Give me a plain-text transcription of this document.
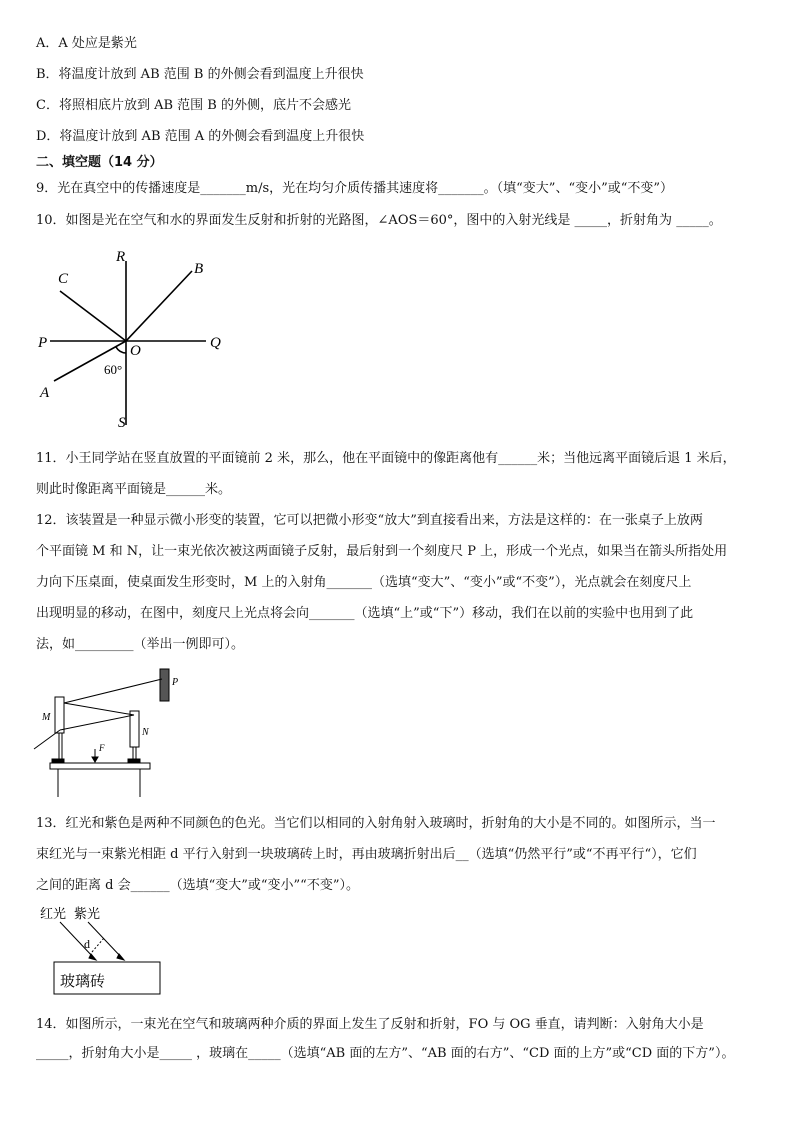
A．A 处应是紫光
B．将温度计放到 AB 范围 B 的外侧会看到温度上升很快
C．将照相底片放到 AB 范围 B 的外侧，底片不会感光
D．将温度计放到 AB 范围 A 的外侧会看到温度上升很快
二、填空题（14 分）
9．光在真空中的传播速度是_______m/s，光在均匀介质传播其速度将_______。（填“变大”、“变小”或“不变”）
10．如图是光在空气和水的界面发生反射和折射的光路图，∠AOS＝60°，图中的入射光线是 _____，折射角为 _____。
R
B
C
P	O	Q
60°
A
S
11．小王同学站在竖直放置的平面镜前 2 米，那么，他在平面镜中的像距离他有______米；当他远离平面镜后退 1 米后，
则此时像距离平面镜是______米。
12．该装置是一种显示微小形变的装置，它可以把微小形变“放大”到直接看出来，方法是这样的：在一张桌子上放两
个平面镜 M 和 N，让一束光依次被这两面镜子反射，最后射到一个刻度尺 P 上，形成一个光点，如果当在箭头所指处用
力向下压桌面，使桌面发生形变时，M 上的入射角_______（选填“变大”、“变小”或“不变”），光点就会在刻度尺上
出现明显的移动，在图中，刻度尺上光点将会向_______（选填“上”或“下”）移动，我们在以前的实验中也用到了此
法，如_________（举出一例即可）。
P
M
N
F
13．红光和紫色是两种不同颜色的色光。当它们以相同的入射角射入玻璃时，折射角的大小是不同的。如图所示，当一
束红光与一束紫光相距 d 平行入射到一块玻璃砖上时，再由玻璃折射出后__（选填“仍然平行”或“不再平行“），它们
之间的距离 d 会______（选填“变大”或“变小”“不变”）。
红光 紫光
d
玻璃砖
14．如图所示，一束光在空气和玻璃两种介质的界面上发生了反射和折射，FO 与 OG 垂直，请判断：入射角大小是
_____，折射角大小是_____ ，玻璃在_____（选填“AB 面的左方”、“AB 面的右方”、“CD 面的上方”或“CD 面的下方”）。
